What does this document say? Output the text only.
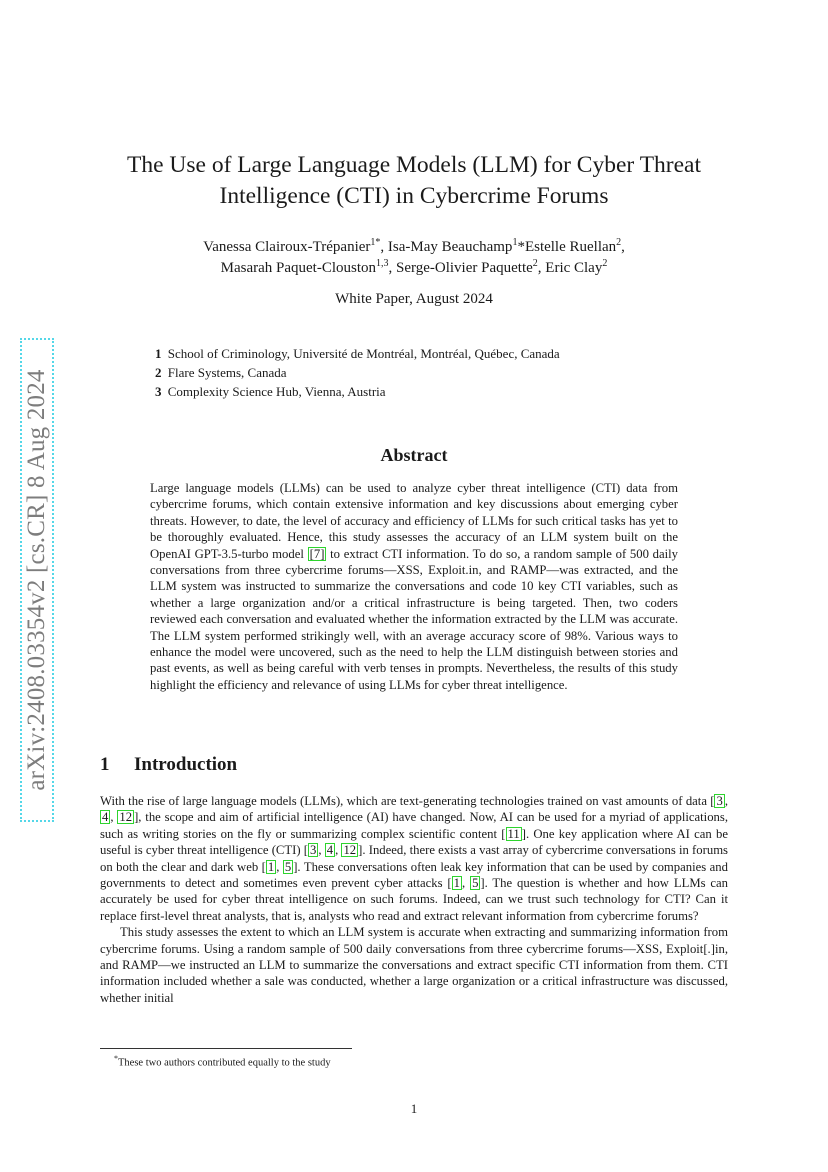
arXiv:2408.03354v2 [cs.CR] 8 Aug 2024
The Use of Large Language Models (LLM) for Cyber Threat
Intelligence (CTI) in Cybercrime Forums
Vanessa Clairoux-Trépanier$^{1*}$, Isa-May Beauchamp$^1$*Estelle Ruellan$^2$,
Masarah Paquet-Clouston$^{1,3}$, Serge-Olivier Paquette$^2$, Eric Clay$^2$
White Paper, August 2024
1 School of Criminology, Université de Montréal, Montréal, Québec, Canada
2 Flare Systems, Canada
3 Complexity Science Hub, Vienna, Austria
Abstract
Large language models (LLMs) can be used to analyze cyber threat intelligence (CTI) data from cybercrime forums, which contain extensive information and key discussions about emerging cyber threats. However, to date, the level of accuracy and efficiency of LLMs for such critical tasks has yet to be thoroughly evaluated. Hence, this study assesses the accuracy of an LLM system built on the OpenAI GPT-3.5-turbo model [7] to extract CTI information. To do so, a random sample of 500 daily conversations from three cybercrime forums—XSS, Exploit.in, and RAMP—was extracted, and the LLM system was instructed to summarize the conversations and code 10 key CTI variables, such as whether a large organization and/or a critical infrastructure is being targeted. Then, two coders reviewed each conversation and evaluated whether the information extracted by the LLM was accurate. The LLM system performed strikingly well, with an average accuracy score of 98%. Various ways to enhance the model were uncovered, such as the need to help the LLM distinguish between stories and past events, as well as being careful with verb tenses in prompts. Nevertheless, the results of this study highlight the efficiency and relevance of using LLMs for cyber threat intelligence.
1 Introduction

With the rise of large language models (LLMs), which are text-generating technologies trained on vast amounts of data [ 3 , 4 , 12 ], the scope and aim of artificial intelligence (AI) have changed. Now, AI can be used for a myriad of applications, such as writing stories on the fly or summarizing complex scientific content [ 11 ]. One key application where AI can be useful is cyber threat intelligence (CTI) [ 3 , 4 , 12 ]. Indeed, there exists a vast array of cybercrime conversations in forums on both the clear and dark web [ 1 , 5 ]. These conversations often leak key information that can be used by companies and governments to detect and sometimes even prevent cyber attacks [ 1 , 5 ]. The question is whether and how LLMs can accurately be used for cyber threat intelligence on such forums. Indeed, can we trust such technology for CTI? Can it replace first-level threat analysts, that is, analysts who read and extract relevant information from cybercrime forums?

This study assesses the extent to which an LLM system is accurate when extracting and summarizing information from cybercrime forums. Using a random sample of 500 daily conversations from three cybercrime forums—XSS, Exploit[.]in, and RAMP—we instructed an LLM to summarize the conversations and extract specific CTI information from them. CTI information included whether a sale was conducted, whether a large organization or a critical infrastructure was discussed, whether initial

*These two authors contributed equally to the study
1
